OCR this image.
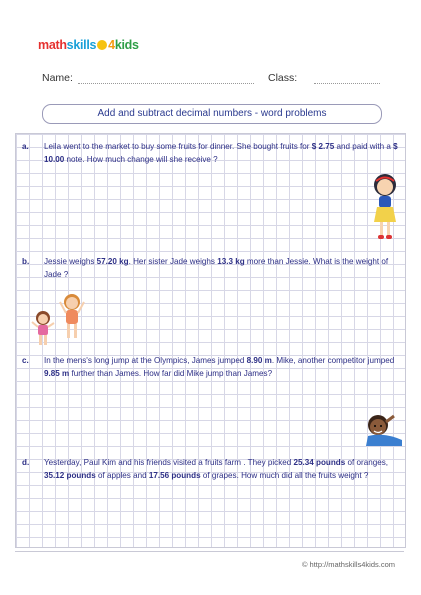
mathskills 4kids
Name:	Class:
Add and subtract decimal numbers - word problems
a. Leila went to the market to buy some fruits for dinner. She bought fruits for $ 2.75 and paid with a $ 10.00 note. How much change will she receive ?
b. Jessie weighs 57.20 kg. Her sister Jade weighs 13.3 kg more than Jessie. What is the weight of Jade ?
c. In the mens's long jump at the Olympics, James jumped 8.90 m. Mike, another competitor jumped 9.85 m further than James. How far did Mike jump than James?
d. Yesterday, Paul Kim and his friends visited a fruits farm . They picked 25.34 pounds of oranges, 35.12 pounds of apples and 17.56 pounds of grapes. How much did all the fruits weight ?
© http://mathskills4kids.com
